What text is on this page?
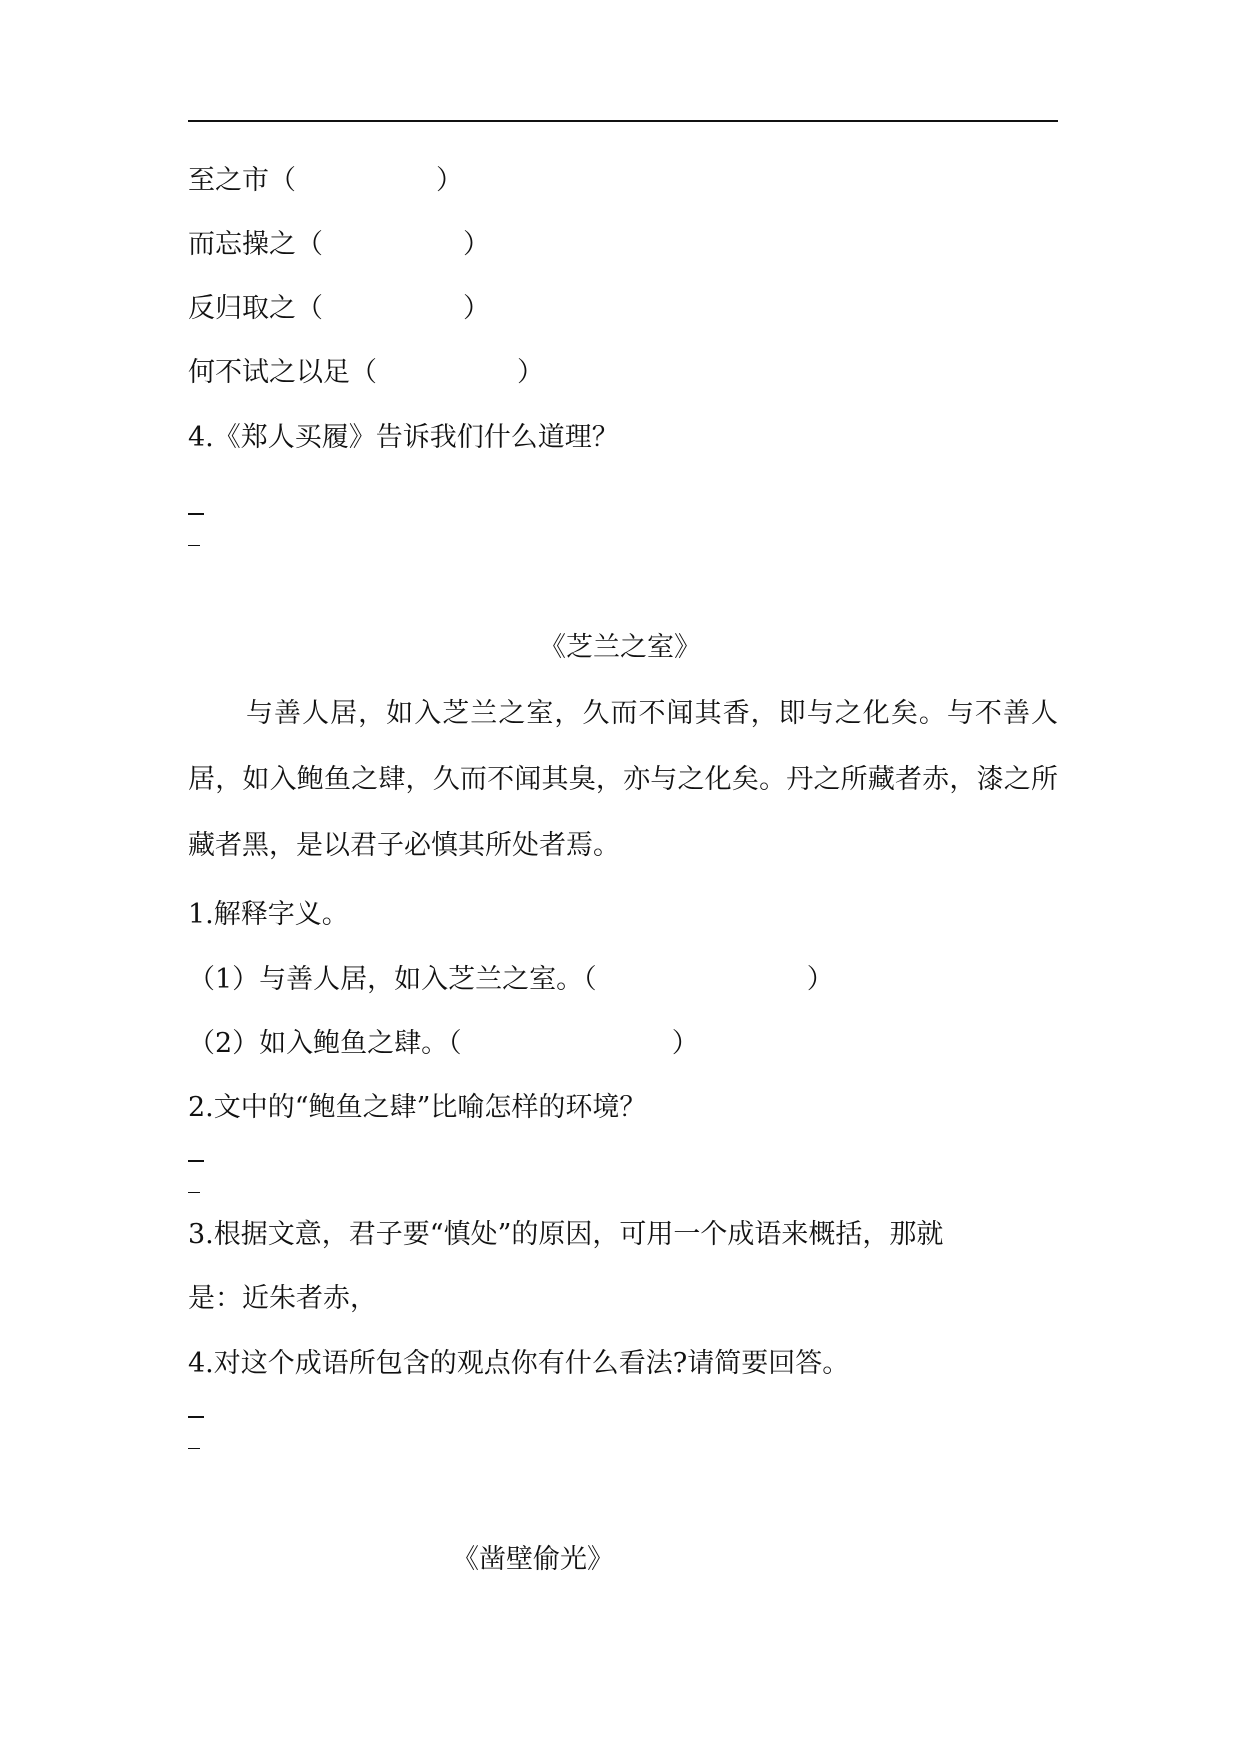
至之市（	）
而忘操之（	）
反归取之（	）
何不试之以足（	）
4.《郑人买履》告诉我们什么道理？
《芝兰之室》
与善人居，如入芝兰之室，久而不闻其香，即与之化矣。与不善人居，如入鲍鱼之肆，久而不闻其臭，亦与之化矣。丹之所藏者赤，漆之所藏者黑，是以君子必慎其所处者焉。
1.解释字义。
（1）与善人居，如入芝兰之室。（	）
（2）如入鲍鱼之肆。（	）
2.文中的“鲍鱼之肆”比喻怎样的环境？
3.根据文意，君子要“慎处”的原因，可用一个成语来概括，那就
是：近朱者赤，
4.对这个成语所包含的观点你有什么看法?请简要回答。
《凿壁偷光》
